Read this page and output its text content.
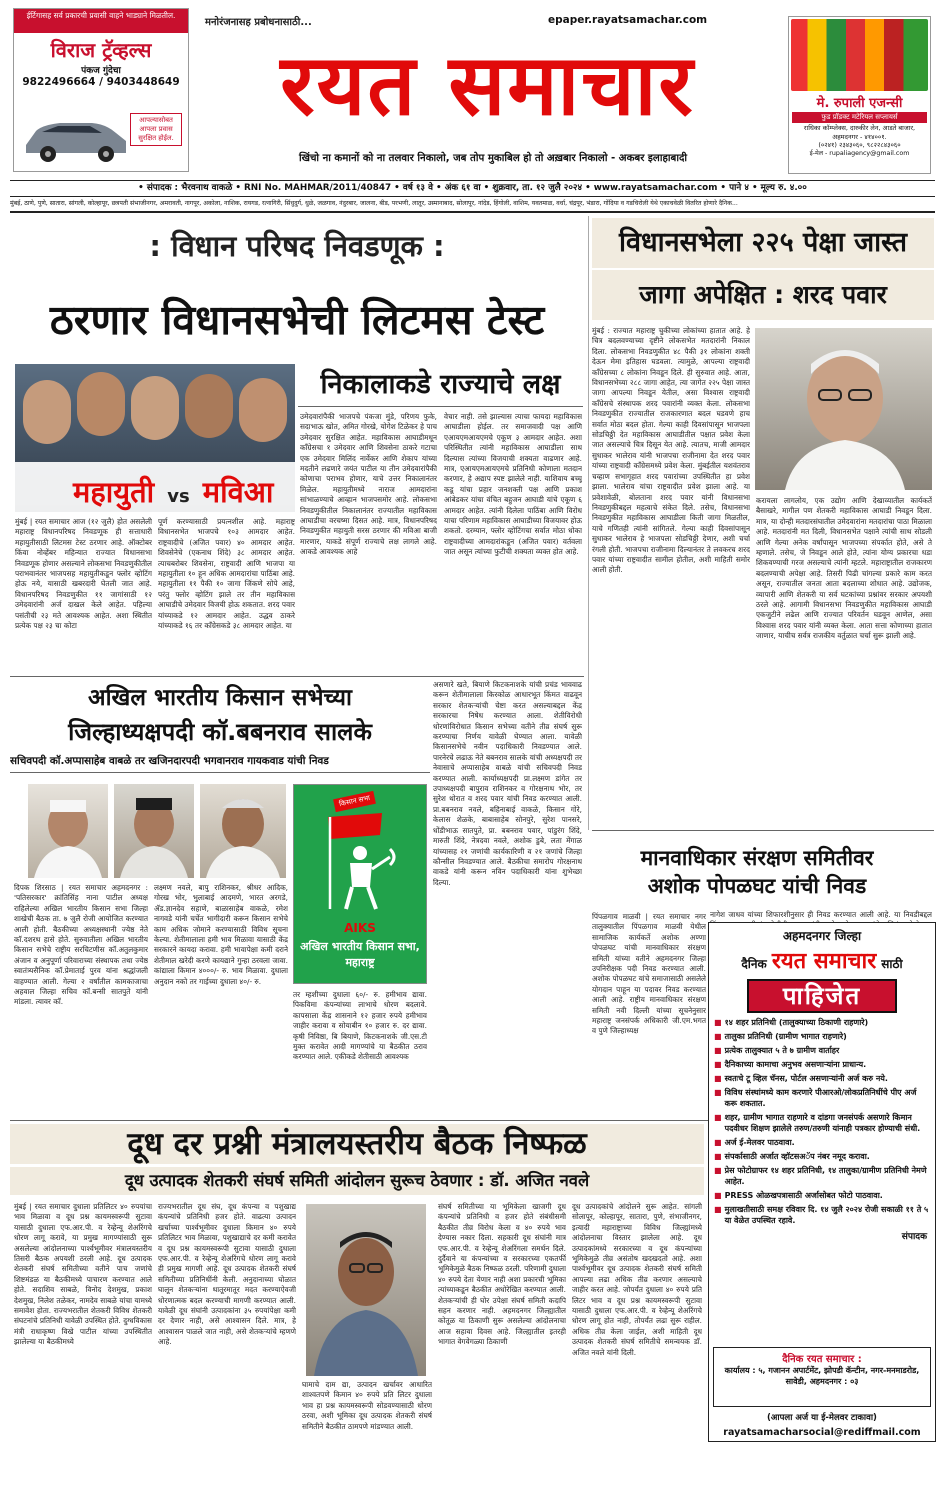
ईर्टिगासह सर्व प्रकारची प्रवासी वाहने भाड्याने मिळतील.
विराज ट्रॅव्हल्स
पंकज गुंदेचा
9822496664 / 9403448649
आपल्यासोबत आपला प्रवास सुरक्षित होईल.
मनोरंजनासह प्रबोधनासाठी...	epaper.rayatsamachar.com
रयत समाचार
खिंचो ना कमानों को ना तलवार निकालो, जब तोप मुकाबिल हो तो अख़बार निकालो - अकबर इलाहाबादी
मे. रुपाली एजन्सी
फुड प्रॉडक्ट मटेरियल सप्लायर्स
राधिका कॉम्प्लेक्स, दारुकीर लेन, आडते बाजार, अहमदनगर - ४१४००१.
(०२४१) २३४३०६०, ९८२२८४३०६०
ई-मेल - rupaliagency@gmail.com
• संपादक : भैरवनाथ वाकळे • RNI No. MAHMAR/2011/40847 • वर्ष १३ वे • अंक ६१ वा • शुक्रवार, ता. १२ जुलै २०२४ • www.rayatsamachar.com • पाने ४ • मूल्य रु. ४.००
मुंबई, ठाणे, पुणे, सातारा, सांगली, कोल्हापूर, छत्रपती संभाजीनगर, अमरावती, नागपूर, अकोला, नाशिक, रायगड, रत्नागिरी, सिंधुदुर्ग, धुळे, जळगाव, नंदुरबार, जालना, बीड, परभणी, लातूर, उस्मानाबाद, सोलापूर, नांदेड, हिंगोली, वाशिम, यवतमाळ, वर्धा, चंद्रपूर, भंडारा, गोंदिया व गडचिरोली येथे एकाचवेळी वितरित होणारे दैनिक...
: विधान परिषद निवडणूक :
ठरणार विधानसभेची लिटमस टेस्ट
महायुती vs मविआ
निकालाकडे राज्याचे लक्ष
मुंबई | रयत समाचार आज (१२ जुलै) होत असलेली महाराष्ट्र विधानपरिषद निवडणूक ही सत्ताधारी महायुतीसाठी लिटमस टेस्ट ठरणार आहे. ऑक्टोबर किंवा नोव्हेंबर महिन्यात राज्यात विधानसभा निवडणूक होणार असल्याने लोकसभा निवडणुकीतील पराभवानंतर भाजपसह महायुतीकडून फ्लोर व्होटिंग होऊ नये, यासाठी खबरदारी घेतली जात आहे. विधानपरिषद निवडणुकीत ११ जागांसाठी १२ उमेदवारांनी अर्ज दाखल केले आहेत. पहिल्या पसंतीची २३ मते आवश्यक आहेत. अशा स्थितीत प्रत्येक पक्ष २३ चा कोटा
पूर्ण करण्यासाठी प्रयत्नशील आहे. महाराष्ट्र विधानसभेत भाजपचे १०३ आमदार आहेत. राष्ट्रवादीचे (अजित पवार) ४० आमदार आहेत. शिवसेनेचे (एकनाथ शिंदे) ३८ आमदार आहेत. त्याचबरोबर शिवसेना, राष्ट्रवादी आणि भाजपा या महायुतीला १० हून अधिक आमदारांचा पाठिंबा आहे. महायुतीला ११ पैकी १० जागा जिंकणे सोपे आहे, परंतु फ्लोर व्होटिंग झाले तर तीन महाविकास आघाडीचे उमेदवार विजयी होऊ शकतात. शरद पवार यांच्याकडे १२ आमदार आहेत. उद्धव ठाकरे यांच्याकडे १६ तर काँग्रेसकडे ३८ आमदार आहेत. या
उमेदवारांपैकी भाजपचे पंकजा मुंडे, परिणय फुके, सदाभाऊ खोत, अमित गोरखे, योगेश टिळेकर हे पाच उमेदवार सुरक्षित आहेत. महाविकास आघाडीमधून काँग्रेसचा १ उमेदवार आणि शिवसेना ठाकरे गटाचा एक उमेदवार मिलिंद नार्वेकर आणि शेकाप यांच्या मदतीने लढणारे जयंत पाटील या तीन उमेदवारांपैकी कोणाचा पराभव होणार, याचे उत्तर निकालानंतर मिळेल. महायुतीमध्ये नाराज आमदारांना सांभाळण्याचे आव्हान भाजपसमोर आहे. लोकसभा निवडणुकीतील निकालानंतर राज्यातील महाविकास आघाडीचा वरचष्मा दिसत आहे. मात्र, विधानपरिषद निवडणुकीत महायुती सरस ठरणार की मविआ बाजी मारणार, याकडे संपूर्ण राज्याचे लक्ष लागले आहे. आकडे आवश्यक आहे
वेचार नाही. तसे झाल्यास त्याचा फायदा महाविकास आघाडीला होईल. तर समाजवादी पक्ष आणि एआयएमआयएमचे एकूण ३ आमदार आहेत. अशा परिस्थितीत त्यांनी महाविकास आघाडीला साथ दिल्यास त्यांच्या विजयाची शक्यता वाढणार आहे. मात्र, एआयएमआयएमचे प्रतिनिधी कोणाला मतदान करणार, हे अद्याप स्पष्ट झालेले नाही. याशिवाय बच्चू कडू यांचा प्रहार जनशक्ती पक्ष आणि प्रकाश आंबेडकर यांचा वंचित बहुजन आघाडी यांचे एकूण ६ आमदार आहेत. त्यांनी दिलेला पाठिंबा आणि विरोध याचा परिणाम महाविकास आघाडीच्या विजयावर होऊ शकतो. दरम्यान, फ्लोर व्होटिंगचा सर्वात मोठा धोका राष्ट्रवादीच्या आमदारांकडून (अजित पवार) वर्तवला जात असून त्यांच्या फुटीची शक्यता व्यक्त होत आहे.
विधानसभेला २२५ पेक्षा जास्त
जागा अपेक्षित : शरद पवार
मुंबई : राज्यात महाराष्ट्र चुकीच्या लोकांच्या हातात आहे. हे चित्र बदलवण्याच्या दृष्टीने लोकसभेत मतदारांनी निकाल दिला. लोकसभा निवडणुकीत ४८ पैकी ३१ लोकांना शक्ती देऊन मेमा इतिहास घडवला. त्यामुळे, आपल्या राष्ट्रवादी काँग्रेसच्या ८ लोकांना निवडून दिले. ही सुरुवात आहे. आता, विधानसभेच्या २८८ जागा आहेत, त्या जागेत २२५ पेक्षा जास्त जागा आपल्या निवडून येतील, असा विश्वास राष्ट्रवादी काँग्रेसचे संस्थापक शरद पवारांनी व्यक्त केला. लोकसभा निवडणुकीत राज्यातील राजकारणात बदल घडवणे हाच सर्वात मोठा बदल होता. गेल्या काही दिवसांपासून भाजपला सोडचिठ्ठी देत महाविकास आघाडीतील पक्षात प्रवेश केला जात असल्याचे चित्र दिसून येत आहे. त्यातच, माजी आमदार सुधाकर भालेराव यांनी भाजपचा राजीनामा देत शरद पवार यांच्या राष्ट्रवादी काँग्रेसमध्ये प्रवेश केला. मुंबईतील यशवंतराव चव्हाण सभागृहात शरद पवारांच्या उपस्थितीत हा प्रवेश झाला. भालेराव यांचा राष्ट्रवादीत प्रवेश झाला आहे. या प्रवेशावेळी, बोलताना शरद पवार यांनी विधानसभा निवडणुकीबद्दल महत्वाचे संकेत दिले. तसेच, विधानसभा निवडणुकीत महाविकास आघाडीला किती जागा मिळतील, याचे गणितही त्यांनी सांगितले. गेल्या काही दिवसांपासून सुधाकर भालेराव हे भाजपला सोडचिठ्ठी देणार, अशी चर्चा रंगली होती. भाजपचा राजीनामा दिल्यानंतर ते लवकरच शरद पवार यांच्या राष्ट्रवादीत सामील होतील, अशी माहिती समोर आली होती.
करायला लागलोय, एक उद्योग आणि देखाव्यातील कार्यकर्ते बैसाखरे, मागील पण शेतकरी महाविकास आघाडी निवडून दिला. मात्र, या दोन्ही मतदारसंघातील उमेदवारांना मतदारांचा पाठा मिळाला आहे. मतदारांनी मत दिली, विधानसभेत पक्षाने त्यांची साथ सोडली आणि गेल्या अनेक वर्षांपासून भाजपच्या संपर्कात होते, असे ते म्हणाले. तसेच, जे निवडून आले होते, त्यांना योग्य प्रकारचा धडा शिकवण्याची गरज असल्याचे त्यांनी म्हटले. महाराष्ट्रातील राजकारण बदलण्याची अपेक्षा आहे. तिसरी पिढी चांगल्या प्रकारे काम करत असून, राज्यातील जनता आता बदलाच्या शोधात आहे. उद्योजक, व्यापारी आणि शेतकरी या सर्व घटकांच्या प्रश्नांवर सरकार अपयशी ठरले आहे. आगामी विधानसभा निवडणुकीत महाविकास आघाडी एकजुटीने लढेल आणि राज्यात परिवर्तन घडवून आणेल, असा विश्वास शरद पवार यांनी व्यक्त केला. आता सत्ता कोणाच्या हातात जाणार, याचीच सर्वत्र राजकीय वर्तुळात चर्चा सुरू झाली आहे.
अखिल भारतीय किसान सभेच्या
जिल्हाध्यक्षपदी कॉ.बबनराव सालके
सचिवपदी कॉ.अप्पासाहेब वाबळे तर खजिनदारपदी भगवानराव गायकवाड यांची निवड
किसान सभा
AIKS
अखिल भारतीय किसान सभा, महाराष्ट्र
दिपक शिरसाठ | रयत समाचार अहमदनगर : 'पतिसरकार' क्रांतिसिंह नाना पाटील अध्यक्ष राहिलेल्या अखिल भारतीय किसान सभा जिल्हा शाखेची बैठक ता. ७ जुलै रोजी आयोजित करण्यात आली होती. बैठकीच्या अध्यक्षस्थानी ज्येष्ठ नेते कॉ.दशरथ हासे होते. सुरुवातीला अखिल भारतीय किसान सभेचे राष्ट्रीय सरचिटणीस कॉ.अतुलकुमार अंजान व अनुपूर्णा परिवाराच्या संस्थापक तथा ज्येष्ठ स्वातंत्र्यसैनिक कॉ.प्रेमाताई पुरव यांना श्रद्धांजली वाहण्यात आली. गेल्या २ वर्षांतील कामकाजाचा अहवाल जिल्हा सचिव कॉ.बन्सी सातपुते यांनी मांडला. त्यावर कॉ.
लक्ष्मण नवले, बापु राशिनकर, श्रीधर आदिक, गोरख भोर, भुलाबाई आदमणे, भारत अरगडे, ॲड.ज्ञानदेव सहाणे, बाळासाहेब वाकळे, रमेश नागवडे यांनी चर्चेत भागीदारी करून किसान सभेचे काम अधिक जोमाने करण्यासाठी विविध सूचना केल्या. शेतीमालाला हमी भाव मिळावा यासाठी केंद्र सरकारने कायदा करावा. हमी भावापेक्षा कमी दराने शेतीमाल खरेदी करणे कायद्याने गुन्हा ठरवला जावा. कांद्याला किमान ४०००/- रु. भाव मिळावा. दुधाला अनुदान नको तर गाईच्या दुधाला ४०/- रु.
तर म्हशीच्या दुधाला ६०/- रु. हमीभाव द्यावा. पिकविमा कंपन्यांच्या लाभाचे धोरण बदलावे. कापसाला केंद्र शासनाने १२ हजार रुपये हमीभाव जाहीर करावा व सोयाबीन १० हजार रु. दर द्यावा. कृषी निविष्ठा, बि बियाणे, किटकनाशके जी.एस.टी मुक्त करावेत आदी मागण्यांचे या बैठकीत ठराव करण्यात आले. एकीकडे शेतीसाठी आवश्यक
असणारे खते, बियाणे किटकनाशके यांची प्रचंड भाववाढ करून शेतीमालाला किरकोळ आधारभूत किंमत वाढवून सरकार शेतकऱ्यांची चेष्टा करत असल्याबद्दल केंद्र सरकारचा निषेध करण्यात आला. शेतीविरोधी धोरणांविरोधात किसान सभेच्या वतीने तीव्र संघर्ष सुरू करण्याचा निर्णय यावेळी घेण्यात आला. यावेळी किसानसभेचे नवीन पदाधिकारी निवडण्यात आले. पारनेरचे लढाऊ नेते बबनराव सालके यांची अध्यक्षपदी तर नेवासाचे अप्पासाहेब वाबळे यांची सचिवपदी निवड करण्यात आली. कार्याध्यक्षपदी प्रा.लक्ष्मण डांगेत तर उपाध्यक्षपदी बापुराव राशिनकर व गोरक्षनाथ भोर, तर सुरेश थोरात व शरद पवार यांची निवड करण्यात आली. प्रा.बबनराव नवले, बहिनाबाई वाकळे, किसान गोरे, केलास शेळके, बाबासाहेब सोनपुरे, सुरेश पानसरे, धोंडीभाऊ सातपुते, प्रा. बबनराव पवार, पांडुरंग शिंदे, मारुती शिंदे, नेत्रदवा नवले, अशोक डुबे, लता मेंगाळ यांच्यासह २१ जणांची कार्यकारिणी व २१ जणांचे जिल्हा कौन्सील निवडण्यात आले. बैठकीचा समारोप गोरक्षनाथ वाकडे यांनी करून नविन पदाधिकारी यांना शुभेच्छा दिल्या.
मानवाधिकार संरक्षण समितीवर
अशोक पोपळघट यांची निवड
नागेश जाधव यांच्या शिफारशीनुसार ही निवड करण्यात आली आहे. या निवडीबद्दल
पिंपळगाव माळवी | रयत समाचार नगर तालुक्यातील पिंपळगाव माळवी येथील सामाजिक कार्यकर्ते अशोक अण्णा पोपळघट यांची मानवाधिकार संरक्षण समिती यांच्या वतीने अहमदनगर जिल्हा उपनिरीक्षक पदी निवड करण्यात आली. अशोक पोपळघट यांचे समाजासाठी असलेले योगदान पाहून या पदावर निवड करण्यात आली आहे. राष्ट्रीय मानवाधिकार संरक्षण समिती नवी दिल्ली यांच्या सूचनेनुसार महाराष्ट्र जनसंपर्क अधिकारी जी.एम.भगत व पुणे जिल्हाध्यक्ष
अहमदनगर जिल्हा
दैनिक रयत समाचार साठी
पाहिजेत
■ १४ शहर प्रतिनिधी (तालुक्याच्या ठिकाणी राहणारे)
■ तालुका प्रतिनिधी (ग्रामीण भागात राहणारे)
■ प्रत्येक तालुक्यात ५ ते ७ ग्रामीण वार्ताहर
■ दैनिकाच्या कामाचा अनुभव असणाऱ्यांना प्राधान्य.
■ स्वतःचे टू व्हिल चॅनस, पोर्टल असणाऱ्यांनी अर्ज करु नये.
■ विविध संस्थांमध्ये काम करणारे पीआरओ/लोकप्रतिनिधींचे पीए अर्ज करू शकतात.
■ शहर, ग्रामीण भागात राहणारे व दांडगा जनसंपर्क असणारे किमान पदवीधर शिक्षण झालेले तरुण/तरुणी यांनाही पत्रकार होण्याची संधी.
■ अर्ज ई-मेलवर पाठवावा.
■ संपर्कासाठी अर्जात व्हॉटसअॅप नंबर नमूद करावा.
■ प्रेस फोटोग्राफर १४ शहर प्रतिनिधी, १४ तालुका/ग्रामीण प्रतिनिधी नेमणे आहेत.
■ PRESS ओळखपत्रासाठी अर्जासोबत फोटो पाठवावा.
■ मुलाखतीसाठी समक्ष रविवार दि. १४ जुलै २०२४ रोजी सकाळी ११ ते ५ या वेळेत उपस्थित रहावे.
संपादक
दैनिक रयत समाचार :
कार्यालय : ५, गजानन अपार्टमेंट, झोपडी कॅन्टीन, नगर-मनमाडरोड, सावेडी, अहमदनगर : ०३
(आपला अर्ज या ई-मेलवर टाकावा)
rayatsamacharsocial@rediffmail.com
दूध दर प्रश्नी मंत्रालयस्तरीय बैठक निष्फळ
दूध उत्पादक शेतकरी संघर्ष समिती आंदोलन सुरूच ठेवणार : डॉ. अजित नवले
मुंबई | रयत समाचार दुधाला प्रतिलिटर ४० रुपयांचा भाव मिळावा व दूध प्रश्न कायमस्वरूपी सुटावा यासाठी दुधाला एफ.आर.पी. व रेव्हेन्यू शेअरिंगचे धोरण लागू करावे, या प्रमुख मागण्यांसाठी सुरू असलेल्या आंदोलनाच्या पार्श्वभूमीवर मंत्रालयस्तरीय तिसरी बैठक अपयशी ठरली आहे. दूध उत्पादक शेतकरी संघर्ष समितीच्या वतीने पाच जणांचे शिष्टमंडळ या बैठकीमध्ये पाचारण करण्यात आले होते. सदाशिव साबळे, विनोद देशमुख, प्रकाश देशमुख, निलेश तळेकर, नामदेव साबळे यांचा यामध्ये समावेश होता. राज्यभरातील शेतकरी विविध शेतकरी संघटनांचे प्रतिनिधी यावेळी उपस्थित होते. दुग्धविकास मंत्री राधाकृष्ण विखे पाटील यांच्या उपस्थितीत झालेल्या या बैठकीमध्ये
राज्यभरातील दूध संघ, दूध कंपन्या व पशुखाद्य कंपन्यांचे प्रतिनिधी हजर होते. वाढत्या उत्पादन खर्चाच्या पार्श्वभूमीवर दुधाला किमान ४० रुपये प्रतिलिटर भाव मिळावा, पशुखाद्याचे दर कमी करावेत व दूध प्रश्न कायमस्वरूपी सुटावा यासाठी दुधाला एफ.आर.पी. व रेव्हेन्यू शेअरिंगचे धोरण लागू करावे ही प्रमुख मागणी आहे. दूध उत्पादक शेतकरी संघर्ष समितीच्या प्रतिनिधींनी केली. अनुदानाच्या घोळात घालून शेतकऱ्यांना थातूरमातूर मदत करण्याऐवजी धोरणात्मक बदल करण्याची मागणी करण्यात आली. यावेळी दूध संघांनी उत्पादकांना ३५ रुपयांपेक्षा कमी दर देणार नाही, असे आश्वासन दिले. मात्र, हे आश्वासन पाळले जात नाही, असे शेतकऱ्यांचे म्हणणे आहे.
घामाचे दाम द्या, उत्पादन खर्चावर आधारित शाश्वतपणे किमान ४० रुपये प्रति लिटर दुधाला भाव हा प्रश्न कायमस्वरूपी सोडवण्यासाठी धोरण ठरवा, अशी भूमिका दूध उत्पादक शेतकरी संघर्ष समितीने बैठकीत ठामपणे मांडण्यात आली.
संघर्ष समितीच्या या भूमिकेला खाजगी दूध कंपन्यांचे प्रतिनिधी व हजर होते संबंधीसमी बैठकीत तीव्र विरोध केला व ४० रुपये भाव देण्यास नकार दिला. सहकारी दूध संघांनी मात्र एफ.आर.पी. व रेव्हेन्यू शेअरिंगला समर्थन दिले. दुर्दैवाने या कंपन्यांच्या व सरकारच्या एकतर्फी भूमिकेमुळे बैठक निष्फळ ठरली. परिणामी दुधाला ४० रुपये देता येणार नाही अशा प्रकारची भूमिका त्यांच्याकडून बैठकीत अधोरेखित करण्यात आली. शेतकऱ्यांची ही घोर उपेक्षा संघर्ष समिती कदापि सहन करणार नाही. अहमदनगर जिल्ह्यातील कोतूळ या ठिकाणी सुरू असलेल्या आंदोलनाचा आज सहावा दिवस आहे. जिल्ह्यातील इतरही भागात वेगवेगळ्या ठिकाणी
दूध उत्पादकांचे आंदोलने सुरू आहेत. सांगली सोलापूर, कोल्हापूर, सातारा, पुणे, संभाजीनगर, इत्यादी महाराष्ट्राच्या विविध जिल्ह्यांमध्ये आंदोलनाचा विस्तार झालेला आहे. दूध उत्पादकांमध्ये सरकारच्या व दूध कंपन्यांच्या भूमिकेमुळे तीव्र असंतोष खदखदतो आहे. अशा पार्श्वभूमीवर दूध उत्पादक शेतकरी संघर्ष समिती आपल्या लढा अधिक तीव्र करणार असल्याचे जाहीर करत आहे. जोपर्यंत दुधाला ४० रुपये प्रति लिटर भाव व दूध प्रश्न कायमस्वरूपी सुटावा यासाठी दुधाला एफ.आर.पी. व रेव्हेन्यू शेअरिंगचे धोरण लागू होत नाही, तोपर्यंत लढा सुरू राहील. अधिक तीव्र केला जाईल, अशी माहिती दूध उत्पादक शेतकरी संघर्ष समितीचे समन्वयक डॉ. अजित नवले यांनी दिली.
